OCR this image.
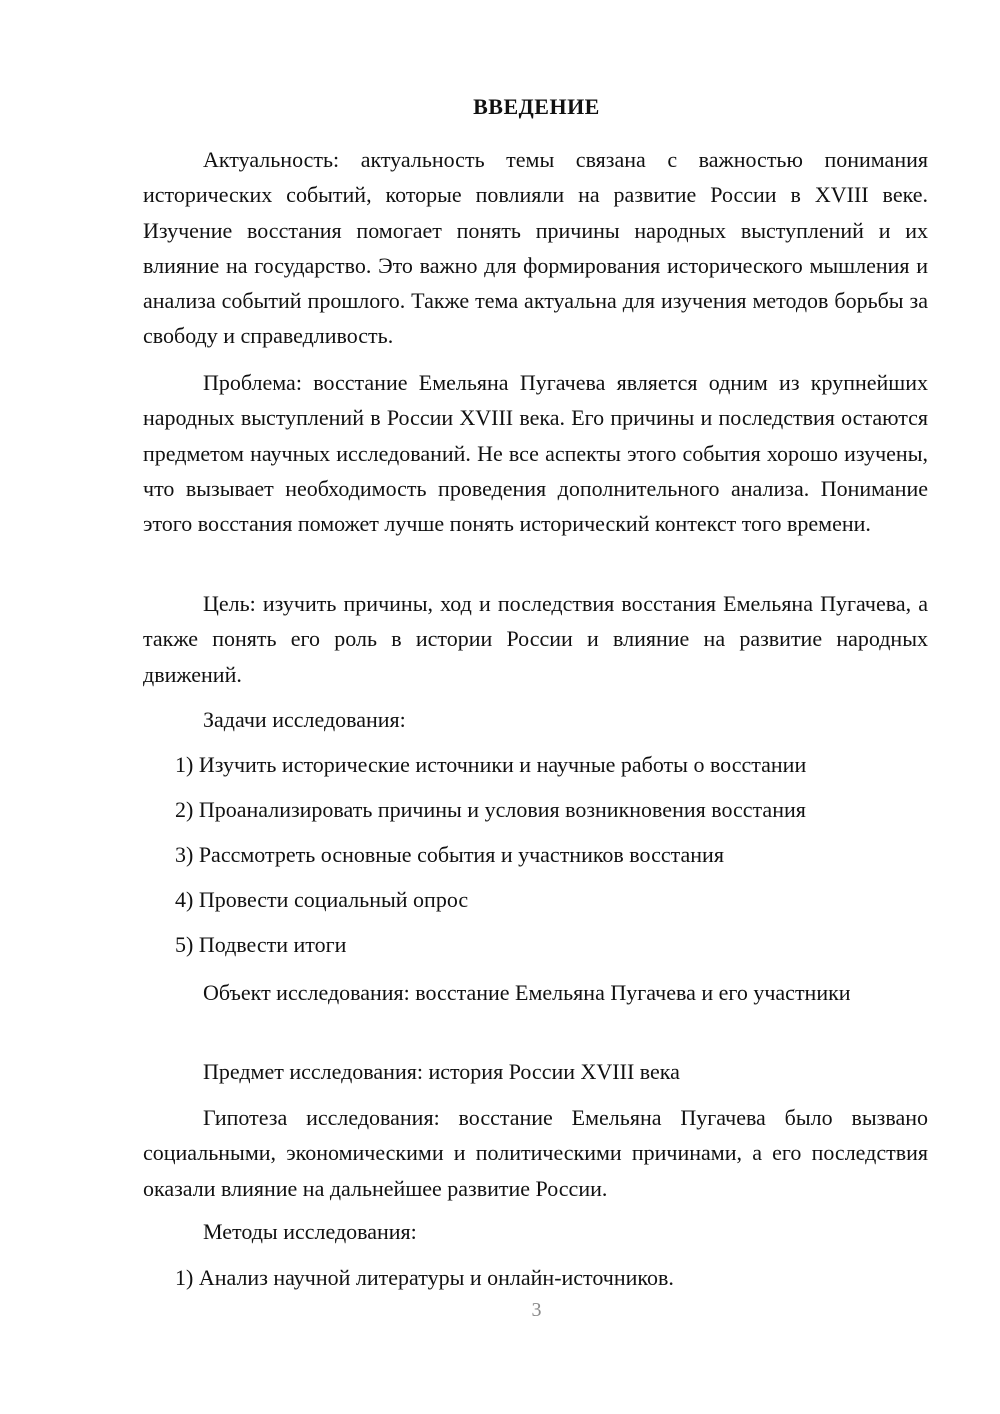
ВВЕДЕНИЕ

Актуальность: актуальность темы связана с важностью понимания исторических событий, которые повлияли на развитие России в XVIII веке. Изучение восстания помогает понять причины народных выступлений и их влияние на государство. Это важно для формирования исторического мышления и анализа событий прошлого. Также тема актуальна для изучения методов борьбы за свободу и справедливость.

Проблема: восстание Емельяна Пугачева является одним из крупнейших народных выступлений в России XVIII века. Его причины и последствия остаются предметом научных исследований. Не все аспекты этого события хорошо изучены, что вызывает необходимость проведения дополнительного анализа. Понимание этого восстания поможет лучше понять исторический контекст того времени.

Цель: изучить причины, ход и последствия восстания Емельяна Пугачева, а также понять его роль в истории России и влияние на развитие народных движений.

Задачи исследования:
1) Изучить исторические источники и научные работы о восстании
2) Проанализировать причины и условия возникновения восстания
3) Рассмотреть основные события и участников восстания
4) Провести социальный опрос
5) Подвести итоги

Объект исследования: восстание Емельяна Пугачева и его участники

Предмет исследования: история России XVIII века

Гипотеза исследования: восстание Емельяна Пугачева было вызвано социальными, экономическими и политическими причинами, а его последствия оказали влияние на дальнейшее развитие России.

Методы исследования:
1) Анализ научной литературы и онлайн-источников.
3
